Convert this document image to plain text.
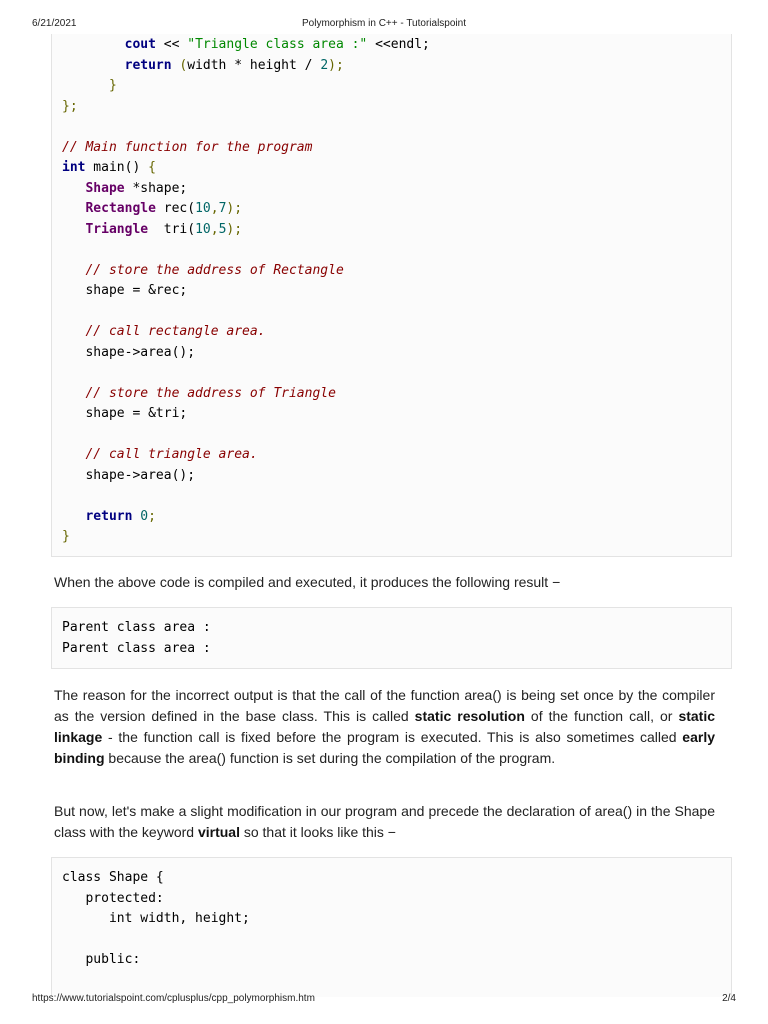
6/21/2021	Polymorphism in C++ - Tutorialspoint
cout << "Triangle class area :" <<endl;
return (width * height / 2);
}
};
// Main function for the program
int main() {
Shape *shape;
Rectangle rec(10,7);
Triangle  tri(10,5);
// store the address of Rectangle
shape = &rec;
// call rectangle area.
shape->area();
// store the address of Triangle
shape = &tri;
// call triangle area.
shape->area();
return 0;
}
When the above code is compiled and executed, it produces the following result −
Parent class area :
Parent class area :
The reason for the incorrect output is that the call of the function area() is being set once by the compiler as the version defined in the base class. This is called static resolution of the function call, or static linkage - the function call is fixed before the program is executed. This is also sometimes called early binding because the area() function is set during the compilation of the program.
But now, let's make a slight modification in our program and precede the declaration of area() in the Shape class with the keyword virtual so that it looks like this −
class Shape {
protected:
int width, height;
public:
https://www.tutorialspoint.com/cplusplus/cpp_polymorphism.htm	2/4
